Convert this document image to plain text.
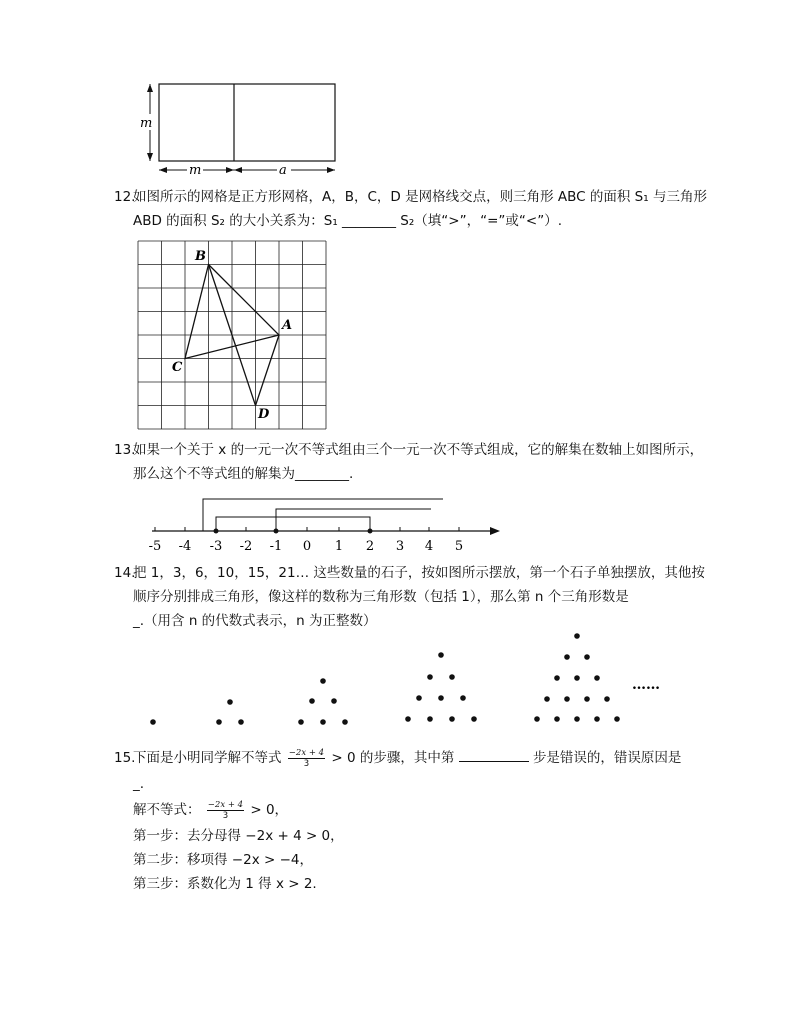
m
m	a
12.
如图所示的网格是正方形网格，A，B，C，D 是网格线交点，则三角形 ABC 的面积 S₁ 与三角形
ABD 的面积 S₂ 的大小关系为：S₁ ________ S₂（填“>”，“=”或“<”）.
B
A
C
D
13.
如果一个关于 x 的一元一次不等式组由三个一元一次不等式组成，它的解集在数轴上如图所示，
那么这个不等式组的解集为________.
-5 -4 -3 -2 -1 0 1 2 3 4 5
14.
把 1，3，6，10，15，21… 这些数量的石子，按如图所示摆放，第一个石子单独摆放，其他按
顺序分别排成三角形，像这样的数称为三角形数（包括 1），那么第 n 个三角形数是
_.（用含 n 的代数式表示，n 为正整数）
……
15.
下面是小明同学解不等式 $\frac{-2x + 4}{3} > 0$ 的步骤，其中第	步是错误的，错误原因是
_.
解不等式： $\frac{-2x + 4}{3} > 0$，
第一步：去分母得 −2x + 4 > 0，
第二步：移项得 −2x > −4，
第三步：系数化为 1 得 x > 2.
